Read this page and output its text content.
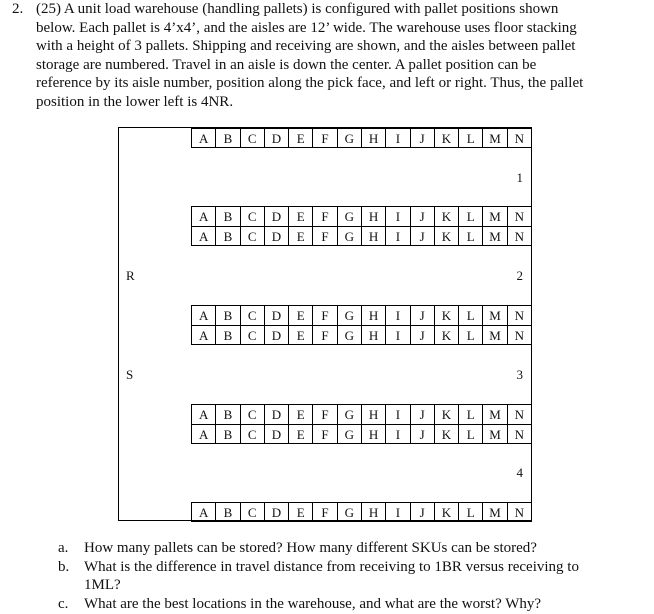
2. (25) A unit load warehouse (handling pallets) is configured with pallet positions shown
below. Each pallet is 4’x4’, and the aisles are 12’ wide. The warehouse uses floor stacking
with a height of 3 pallets. Shipping and receiving are shown, and the aisles between pallet
storage are numbered. Travel in an aisle is down the center. A pallet position can be
reference by its aisle number, position along the pick face, and left or right. Thus, the pallet
position in the lower left is 4NR.
R
S
1
2
3
4
A	B	C	D	E	F	G	H	I	J	K	L	M	N
A	B	C	D	E	F	G	H	I	J	K	L	M	N
A	B	C	D	E	F	G	H	I	J	K	L	M	N
A	B	C	D	E	F	G	H	I	J	K	L	M	N
A	B	C	D	E	F	G	H	I	J	K	L	M	N
A	B	C	D	E	F	G	H	I	J	K	L	M	N
A	B	C	D	E	F	G	H	I	J	K	L	M	N
A	B	C	D	E	F	G	H	I	J	K	L	M	N
a. How many pallets can be stored? How many different SKUs can be stored?
b. What is the difference in travel distance from receiving to 1BR versus receiving to
1ML?
c. What are the best locations in the warehouse, and what are the worst? Why?
